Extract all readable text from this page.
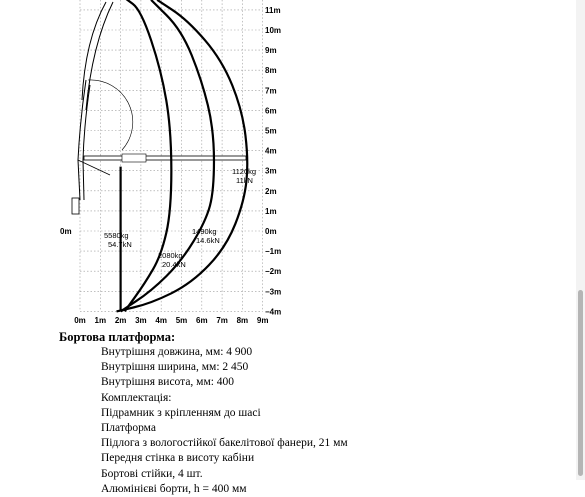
5580kg
54.7kN
2080kg
20.4kN
1490kg
14.6kN
1120kg
11kN
0m 1m 2m 3m 4m 5m 6m 7m 8m 9m
11m
10m
9m
8m
7m
6m
5m
4m
3m
2m
1m
0m
−1m
−2m
−3m
−4m
0m
Бортова платформа:
Внутрішня довжина, мм: 4 900
Внутрішня ширина, мм: 2 450
Внутрішня висота, мм: 400
Комплектація:
Підрамник з кріпленням до шасі
Платформа
Підлога з вологостійкої бакелітової фанери, 21 мм
Передня стінка в висоту кабіни
Бортові стійки, 4 шт.
Алюмінієві борти, h = 400 мм
